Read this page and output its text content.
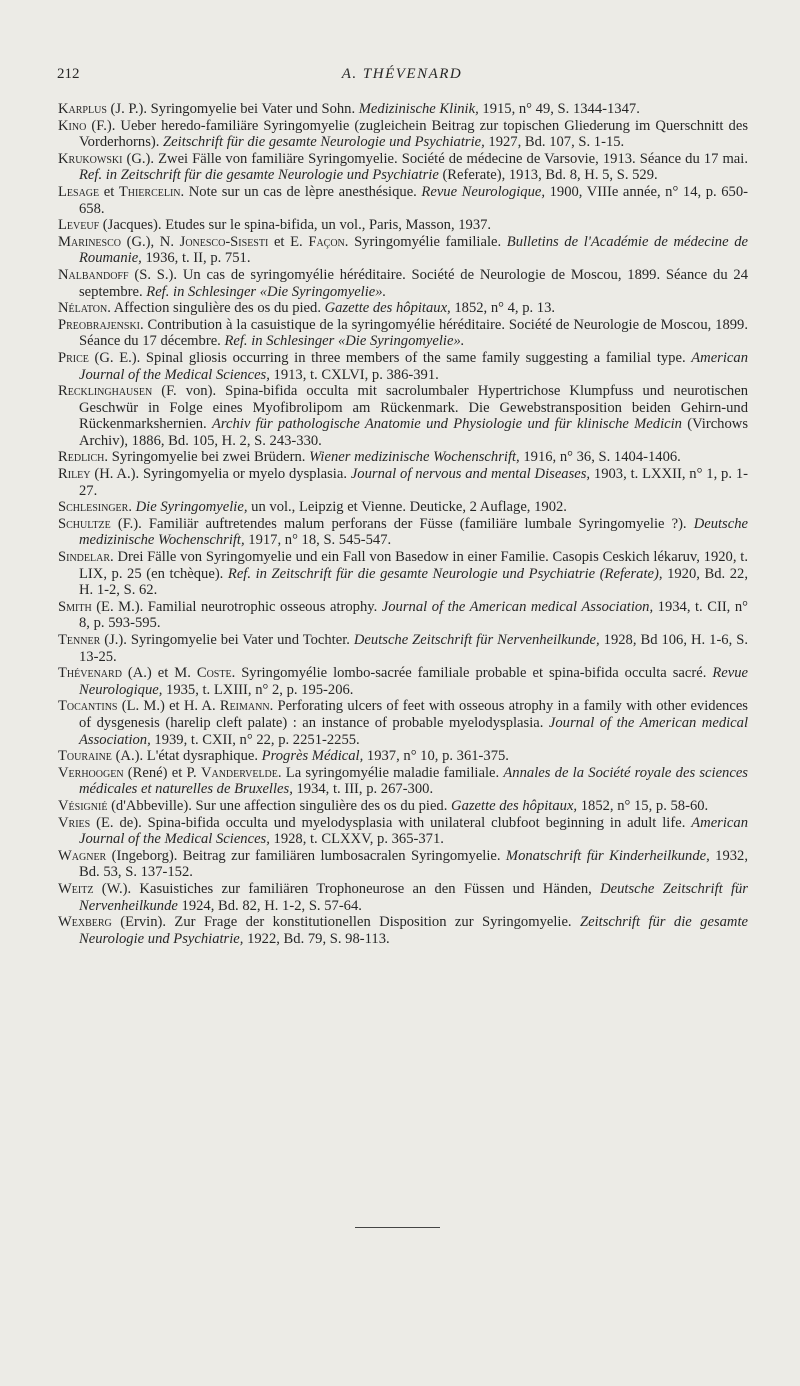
212	A. THÉVENARD

Karplus (J. P.). Syringomyelie bei Vater und Sohn. Medizinische Klinik, 1915, n° 49, S. 1344-1347.

Kino (F.). Ueber heredo-familiäre Syringomyelie (zugleichein Beitrag zur topischen Gliederung im Querschnitt des Vorderhorns). Zeitschrift für die gesamte Neurologie und Psychiatrie, 1927, Bd. 107, S. 1-15.

Krukowski (G.). Zwei Fälle von familiäre Syringomyelie. Société de médecine de Varsovie, 1913. Séance du 17 mai. Ref. in Zeitschrift für die gesamte Neurologie und Psychiatrie (Referate), 1913, Bd. 8, H. 5, S. 529.

Lesage et Thiercelin. Note sur un cas de lèpre anesthésique. Revue Neurologique, 1900, VIIIe année, n° 14, p. 650-658.

Leveuf (Jacques). Etudes sur le spina-bifida, un vol., Paris, Masson, 1937.

Marinesco (G.), N. Jonesco-Sisesti et E. Façon. Syringomyélie familiale. Bulletins de l'Académie de médecine de Roumanie, 1936, t. II, p. 751.

Nalbandoff (S. S.). Un cas de syringomyélie héréditaire. Société de Neurologie de Moscou, 1899. Séance du 24 septembre. Ref. in Schlesinger «Die Syringomyelie».

Nélaton. Affection singulière des os du pied. Gazette des hôpitaux, 1852, n° 4, p. 13.

Preobrajenski. Contribution à la casuistique de la syringomyélie héréditaire. Société de Neurologie de Moscou, 1899. Séance du 17 décembre. Ref. in Schlesinger «Die Syringomyelie».

Price (G. E.). Spinal gliosis occurring in three members of the same family suggesting a familial type. American Journal of the Medical Sciences, 1913, t. CXLVI, p. 386-391.

Recklinghausen (F. von). Spina-bifida occulta mit sacrolumbaler Hypertrichose Klumpfuss und neurotischen Geschwür in Folge eines Myofibrolipom am Rückenmark. Die Gewebstransposition beiden Gehirn-und Rückenmarkshernien. Archiv für pathologische Anatomie und Physiologie und für klinische Medicin (Virchows Archiv), 1886, Bd. 105, H. 2, S. 243-330.

Redlich. Syringomyelie bei zwei Brüdern. Wiener medizinische Wochenschrift, 1916, n° 36, S. 1404-1406.

Riley (H. A.). Syringomyelia or myelo dysplasia. Journal of nervous and mental Diseases, 1903, t. LXXII, n° 1, p. 1-27.

Schlesinger. Die Syringomyelie, un vol., Leipzig et Vienne. Deuticke, 2 Auflage, 1902.

Schultze (F.). Familiär auftretendes malum perforans der Füsse (familiäre lumbale Syringomyelie ?). Deutsche medizinische Wochenschrift, 1917, n° 18, S. 545-547.

Sindelar. Drei Fälle von Syringomyelie und ein Fall von Basedow in einer Familie. Casopis Ceskich lékaruv, 1920, t. LIX, p. 25 (en tchèque). Ref. in Zeitschrift für die gesamte Neurologie und Psychiatrie (Referate), 1920, Bd. 22, H. 1-2, S. 62.

Smith (E. M.). Familial neurotrophic osseous atrophy. Journal of the American medical Association, 1934, t. CII, n° 8, p. 593-595.

Tenner (J.). Syringomyelie bei Vater und Tochter. Deutsche Zeitschrift für Nervenheilkunde, 1928, Bd 106, H. 1-6, S. 13-25.

Thévenard (A.) et M. Coste. Syringomyélie lombo-sacrée familiale probable et spina-bifida occulta sacré. Revue Neurologique, 1935, t. LXIII, n° 2, p. 195-206.

Tocantins (L. M.) et H. A. Reimann. Perforating ulcers of feet with osseous atrophy in a family with other evidences of dysgenesis (harelip cleft palate) : an instance of probable myelodysplasia. Journal of the American medical Association, 1939, t. CXII, n° 22, p. 2251-2255.

Touraine (A.). L'état dysraphique. Progrès Médical, 1937, n° 10, p. 361-375.

Verhoogen (René) et P. Vandervelde. La syringomyélie maladie familiale. Annales de la Société royale des sciences médicales et naturelles de Bruxelles, 1934, t. III, p. 267-300.

Vésignié (d'Abbeville). Sur une affection singulière des os du pied. Gazette des hôpitaux, 1852, n° 15, p. 58-60.

Vries (E. de). Spina-bifida occulta und myelodysplasia with unilateral clubfoot beginning in adult life. American Journal of the Medical Sciences, 1928, t. CLXXV, p. 365-371.

Wagner (Ingeborg). Beitrag zur familiären lumbosacralen Syringomyelie. Monatschrift für Kinderheilkunde, 1932, Bd. 53, S. 137-152.

Weitz (W.). Kasuistiches zur familiären Trophoneurose an den Füssen und Händen, Deutsche Zeitschrift für Nervenheilkunde 1924, Bd. 82, H. 1-2, S. 57-64.

Wexberg (Ervin). Zur Frage der konstitutionellen Disposition zur Syringomyelie. Zeitschrift für die gesamte Neurologie und Psychiatrie, 1922, Bd. 79, S. 98-113.
